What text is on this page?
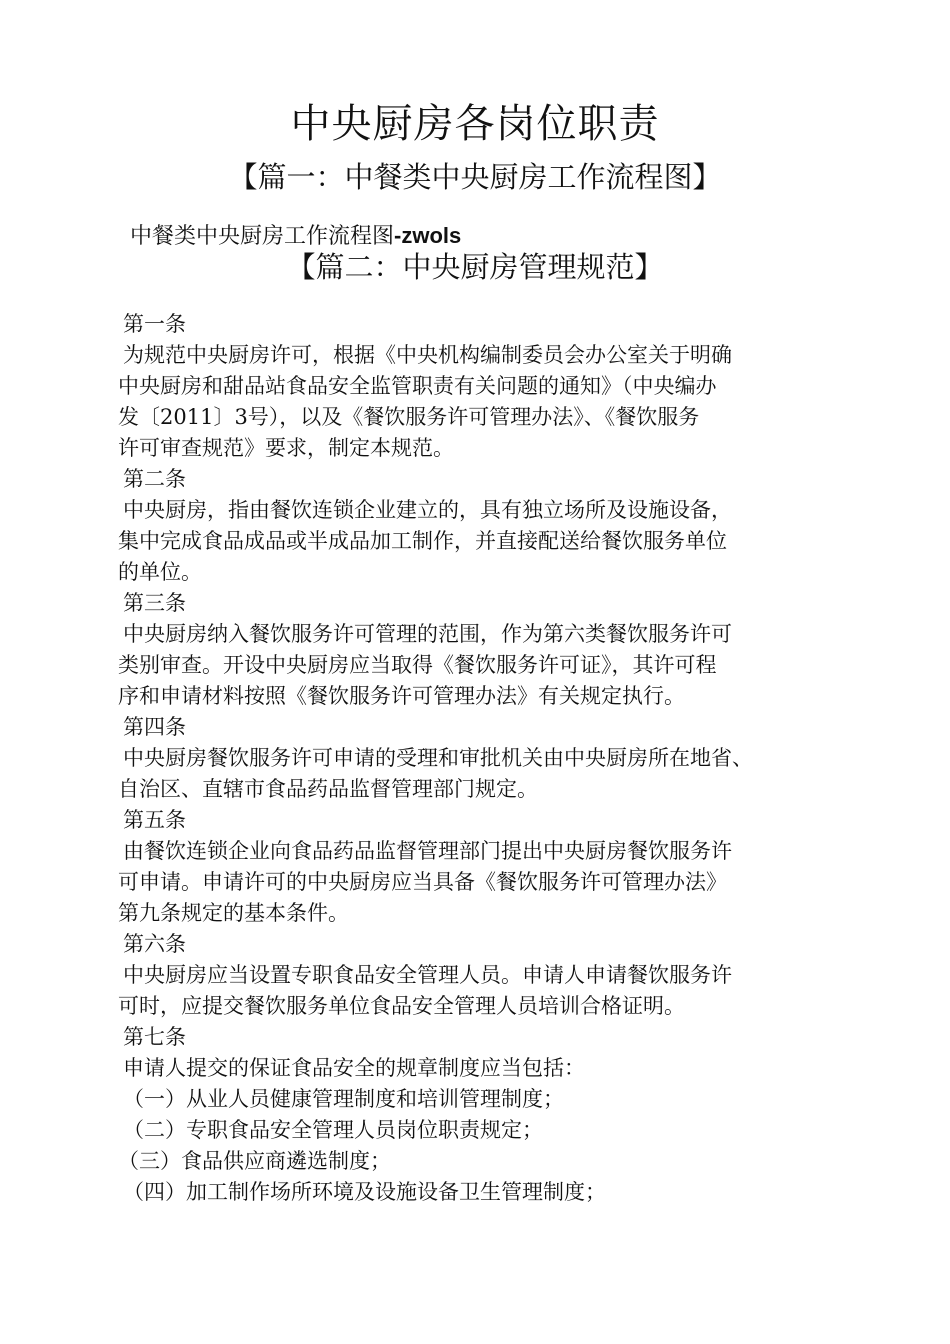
中央厨房各岗位职责
【篇一：中餐类中央厨房工作流程图】
中餐类中央厨房工作流程图-zwols
【篇二：中央厨房管理规范】
第一条
为规范中央厨房许可，根据《中央机构编制委员会办公室关于明确
中央厨房和甜品站食品安全监管职责有关问题的通知》（中央编办
发〔2011〕3号），以及《餐饮服务许可管理办法》、《餐饮服务
许可审查规范》要求，制定本规范。
第二条
中央厨房，指由餐饮连锁企业建立的，具有独立场所及设施设备，
集中完成食品成品或半成品加工制作，并直接配送给餐饮服务单位
的单位。
第三条
中央厨房纳入餐饮服务许可管理的范围，作为第六类餐饮服务许可
类别审查。开设中央厨房应当取得《餐饮服务许可证》，其许可程
序和申请材料按照《餐饮服务许可管理办法》有关规定执行。
第四条
中央厨房餐饮服务许可申请的受理和审批机关由中央厨房所在地省、
自治区、直辖市食品药品监督管理部门规定。
第五条
由餐饮连锁企业向食品药品监督管理部门提出中央厨房餐饮服务许
可申请。申请许可的中央厨房应当具备《餐饮服务许可管理办法》
第九条规定的基本条件。
第六条
中央厨房应当设置专职食品安全管理人员。申请人申请餐饮服务许
可时，应提交餐饮服务单位食品安全管理人员培训合格证明。
第七条
申请人提交的保证食品安全的规章制度应当包括：
（一）从业人员健康管理制度和培训管理制度；
（二）专职食品安全管理人员岗位职责规定；
（三）食品供应商遴选制度；
（四）加工制作场所环境及设施设备卫生管理制度；
